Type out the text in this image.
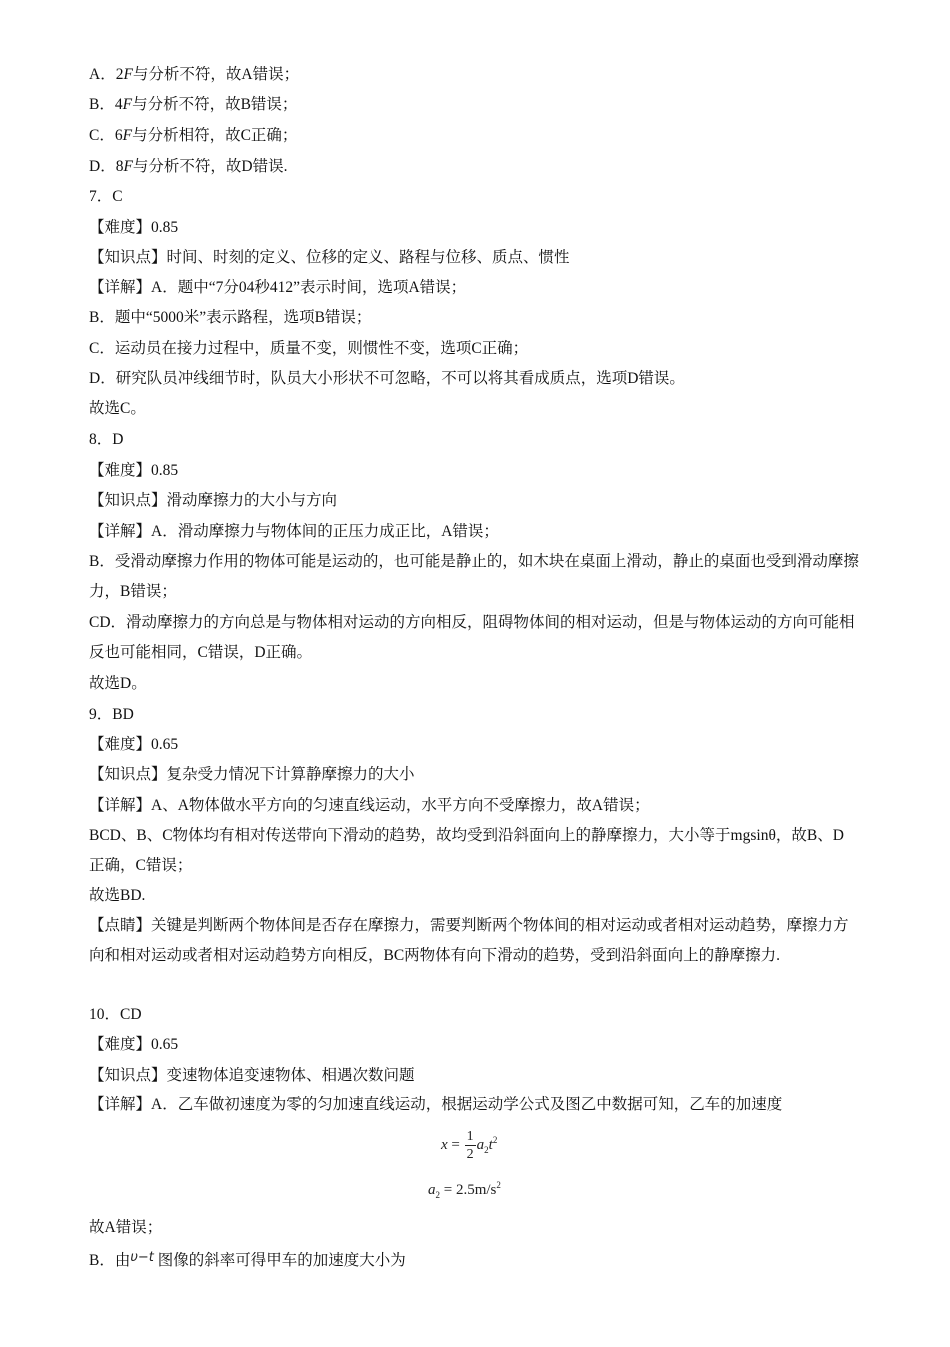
A．2F与分析不符，故A错误；
B．4F与分析不符，故B错误；
C．6F与分析相符，故C正确；
D．8F与分析不符，故D错误.
7．C
【难度】0.85
【知识点】时间、时刻的定义、位移的定义、路程与位移、质点、惯性
【详解】A．题中“7分04秒412”表示时间，选项A错误；
B．题中“5000米”表示路程，选项B错误；
C．运动员在接力过程中，质量不变，则惯性不变，选项C正确；
D．研究队员冲线细节时，队员大小形状不可忽略，不可以将其看成质点，选项D错误。
故选C。
8．D
【难度】0.85
【知识点】滑动摩擦力的大小与方向
【详解】A．滑动摩擦力与物体间的正压力成正比，A错误；
B．受滑动摩擦力作用的物体可能是运动的，也可能是静止的，如木块在桌面上滑动，静止的桌面也受到滑动摩擦力，B错误；
CD．滑动摩擦力的方向总是与物体相对运动的方向相反，阻碍物体间的相对运动，但是与物体运动的方向可能相反也可能相同，C错误，D正确。
故选D。
9．BD
【难度】0.65
【知识点】复杂受力情况下计算静摩擦力的大小
【详解】A、A物体做水平方向的匀速直线运动，水平方向不受摩擦力，故A错误；
BCD、B、C物体均有相对传送带向下滑动的趋势，故均受到沿斜面向上的静摩擦力，大小等于mgsinθ，故B、D正确，C错误；
故选BD.
【点睛】关键是判断两个物体间是否存在摩擦力，需要判断两个物体间的相对运动或者相对运动趋势，摩擦力方向和相对运动或者相对运动趋势方向相反，BC两物体有向下滑动的趋势，受到沿斜面向上的静摩擦力.
10．CD
【难度】0.65
【知识点】变速物体追变速物体、相遇次数问题
【详解】A．乙车做初速度为零的匀加速直线运动，根据运动学公式及图乙中数据可知，乙车的加速度
$x = \frac{1}{2} a_2t^2$
$a_2 = 2.5m/s^2$
故A错误；
B．由$^{\upsilon-t}$ 图像的斜率可得甲车的加速度大小为
